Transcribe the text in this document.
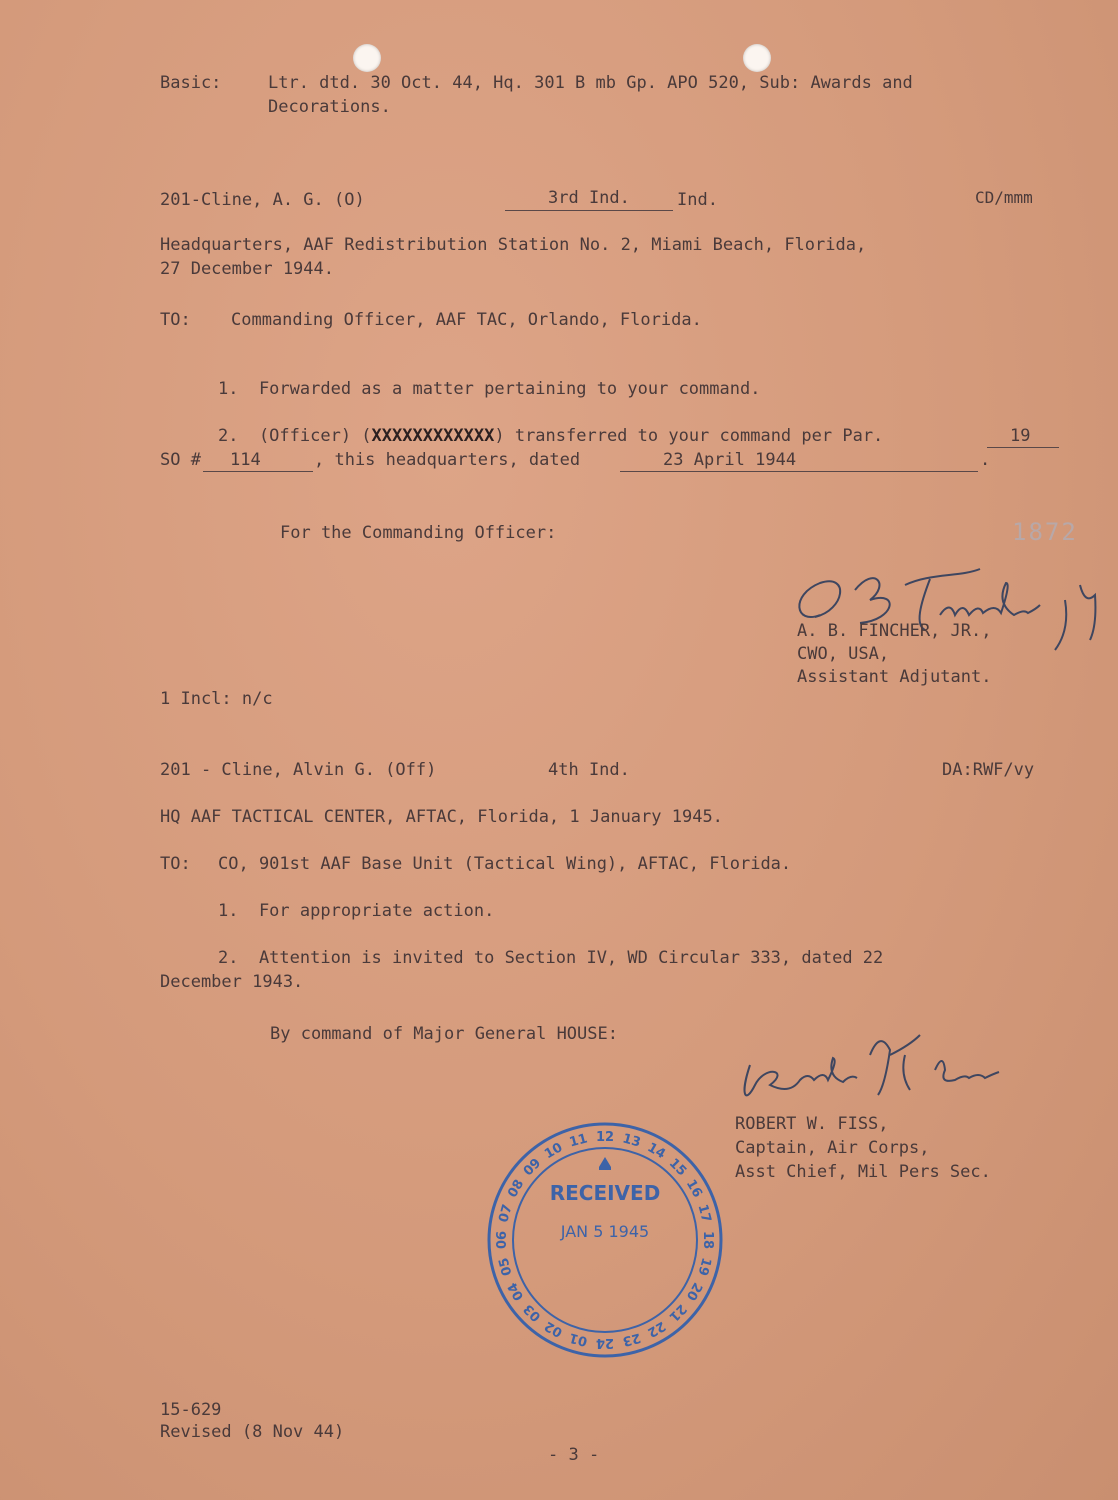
Basic:	Ltr. dtd. 30 Oct. 44, Hq. 301 B mb Gp. APO 520, Sub: Awards and
Decorations.
201-Cline, A. G. (O)	3rd Ind.	Ind.	CD/mmm
Headquarters, AAF Redistribution Station No. 2, Miami Beach, Florida,
27 December 1944.
TO: Commanding Officer, AAF TAC, Orlando, Florida.
1.  Forwarded as a matter pertaining to your command.
2.  (Officer) (XXXXXXXXXXXX) transferred to your command per Par.	19
SO # 114	, this headquarters, dated	23 April 1944	.
For the Commanding Officer:	1872
A. B. FINCHER, JR.,
CWO, USA,
Assistant Adjutant.
1 Incl: n/c
201 - Cline, Alvin G. (Off)	4th Ind.	DA:RWF/vy
HQ AAF TACTICAL CENTER, AFTAC, Florida, 1 January 1945.
TO: CO, 901st AAF Base Unit (Tactical Wing), AFTAC, Florida.
1.  For appropriate action.
2.  Attention is invited to Section IV, WD Circular 333, dated 22
December 1943.
By command of Major General HOUSE:
ROBERT W. FISS,
Captain, Air Corps,
Asst Chief, Mil Pers Sec.
RECEIVED
JAN 5 1945
01
02
03
04
05
06
07
08
09
10 11 12 13 14
15
16
17
18
19
20
21
22
23
24
15-629
Revised (8 Nov 44)
- 3 -
